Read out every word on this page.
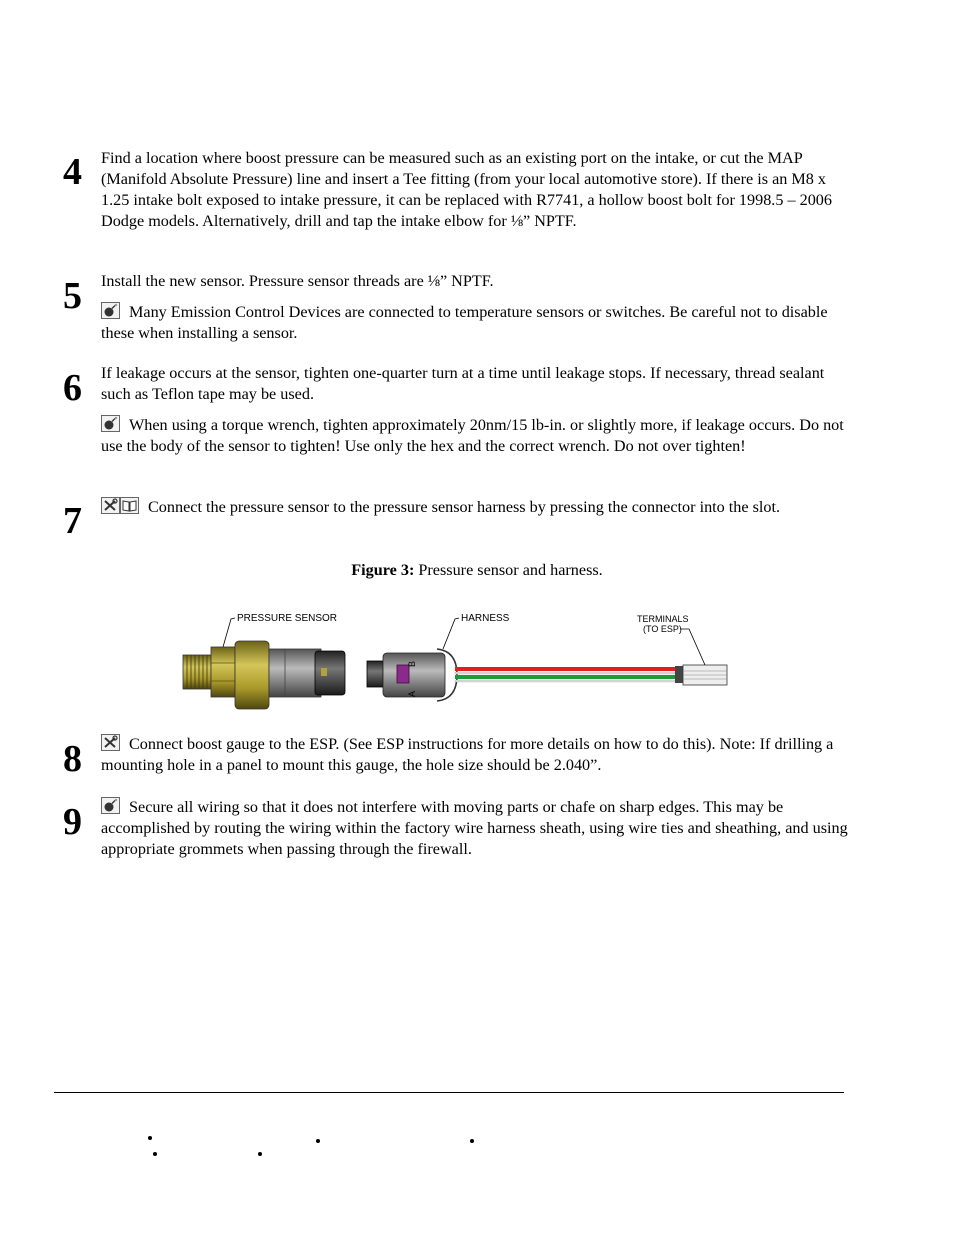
4 Find a location where boost pressure can be measured such as an existing port on the intake, or cut the MAP (Manifold Absolute Pressure) line and insert a Tee fitting (from your local automotive store). If there is an M8 x 1.25 intake bolt exposed to intake pressure, it can be replaced with R7741, a hollow boost bolt for 1998.5 – 2006 Dodge models. Alternatively, drill and tap the intake elbow for ⅛” NPTF.

5 Install the new sensor. Pressure sensor threads are ⅛” NPTF.

Many Emission Control Devices are connected to temperature sensors or switches. Be careful not to disable these when installing a sensor.

6 If leakage occurs at the sensor, tighten one-quarter turn at a time until leakage stops. If necessary, thread sealant such as Teflon tape may be used.

When using a torque wrench, tighten approximately 20nm/15 lb-in. or slightly more, if leakage occurs. Do not use the body of the sensor to tighten! Use only the hex and the correct wrench. Do not over tighten!

7	Connect the pressure sensor to the pressure sensor harness by pressing the connector into the slot.

Figure 3: Pressure sensor and harness.
PRESSURE SENSOR	HARNESS
A
B
TERMINALS
(TO ESP)
8	Connect boost gauge to the ESP. (See ESP instructions for more details on how to do this). Note: If drilling a mounting hole in a panel to mount this gauge, the hole size should be 2.040”.

9	Secure all wiring so that it does not interfere with moving parts or chafe on sharp edges. This may be accomplished by routing the wiring within the factory wire harness sheath, using wire ties and sheathing, and using appropriate grommets when passing through the firewall.
